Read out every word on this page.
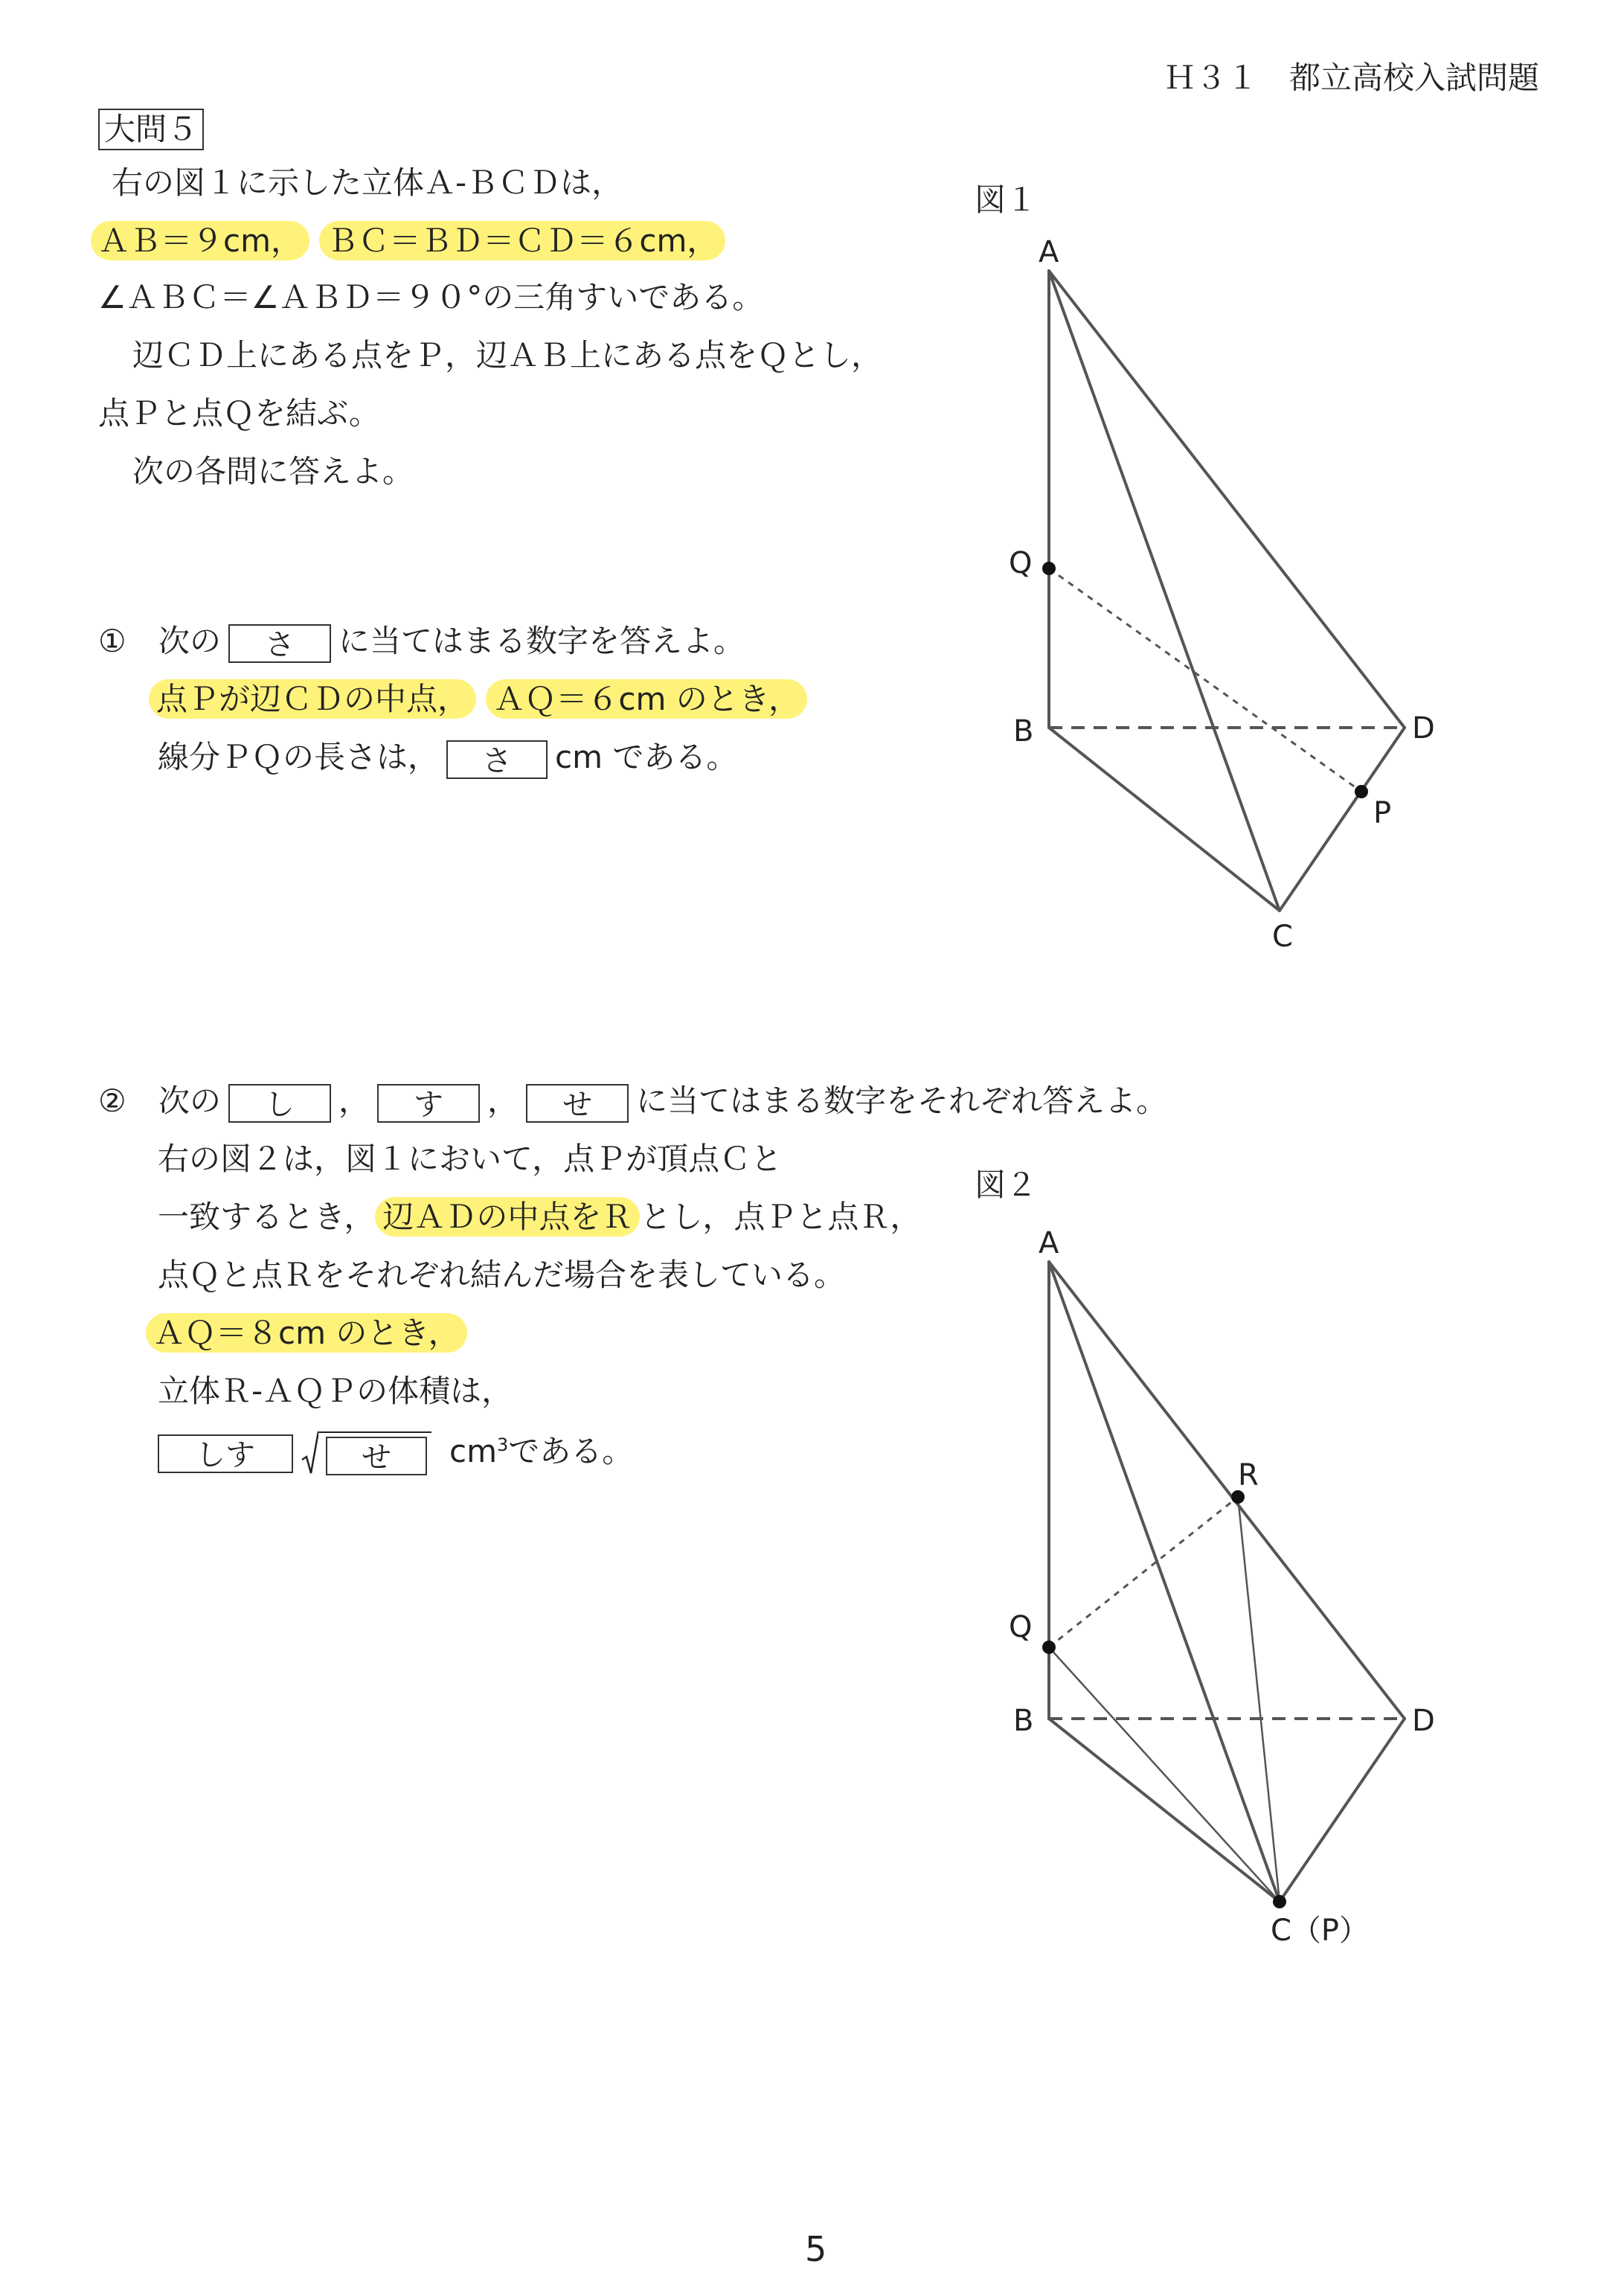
Ｈ３１　都立高校入試問題
大問５
右の図１に示した立体Ａ-ＢＣＤは，
ＡＢ＝９cm， ＢＣ＝ＢＤ＝ＣＤ＝６cm，
∠ＡＢＣ＝∠ＡＢＤ＝９０°の三角すいである。
辺ＣＤ上にある点をＰ，辺ＡＢ上にある点をＱとし，
点Ｐと点Ｑを結ぶ。
次の各問に答えよ。
① 次の さ に当てはまる数字を答えよ。
点Ｐが辺ＣＤの中点， ＡＱ＝６cm のとき，
線分ＰＱの長さは， さ cm である。
② 次の し ， す ， せ に当てはまる数字をそれぞれ答えよ。
右の図２は，図１において，点Ｐが頂点Ｃと
一致するとき， 辺ＡＤの中点をＲ とし，点Ｐと点Ｒ，
点Ｑと点Ｒをそれぞれ結んだ場合を表している。
ＡＱ＝８cm のとき，
立体Ｒ-ＡＱＰの体積は，
しす	せ $cm^3$である。
図１
A
Q
B	D
P
C
A
R
Q
B	D
C（P）
図２
5
